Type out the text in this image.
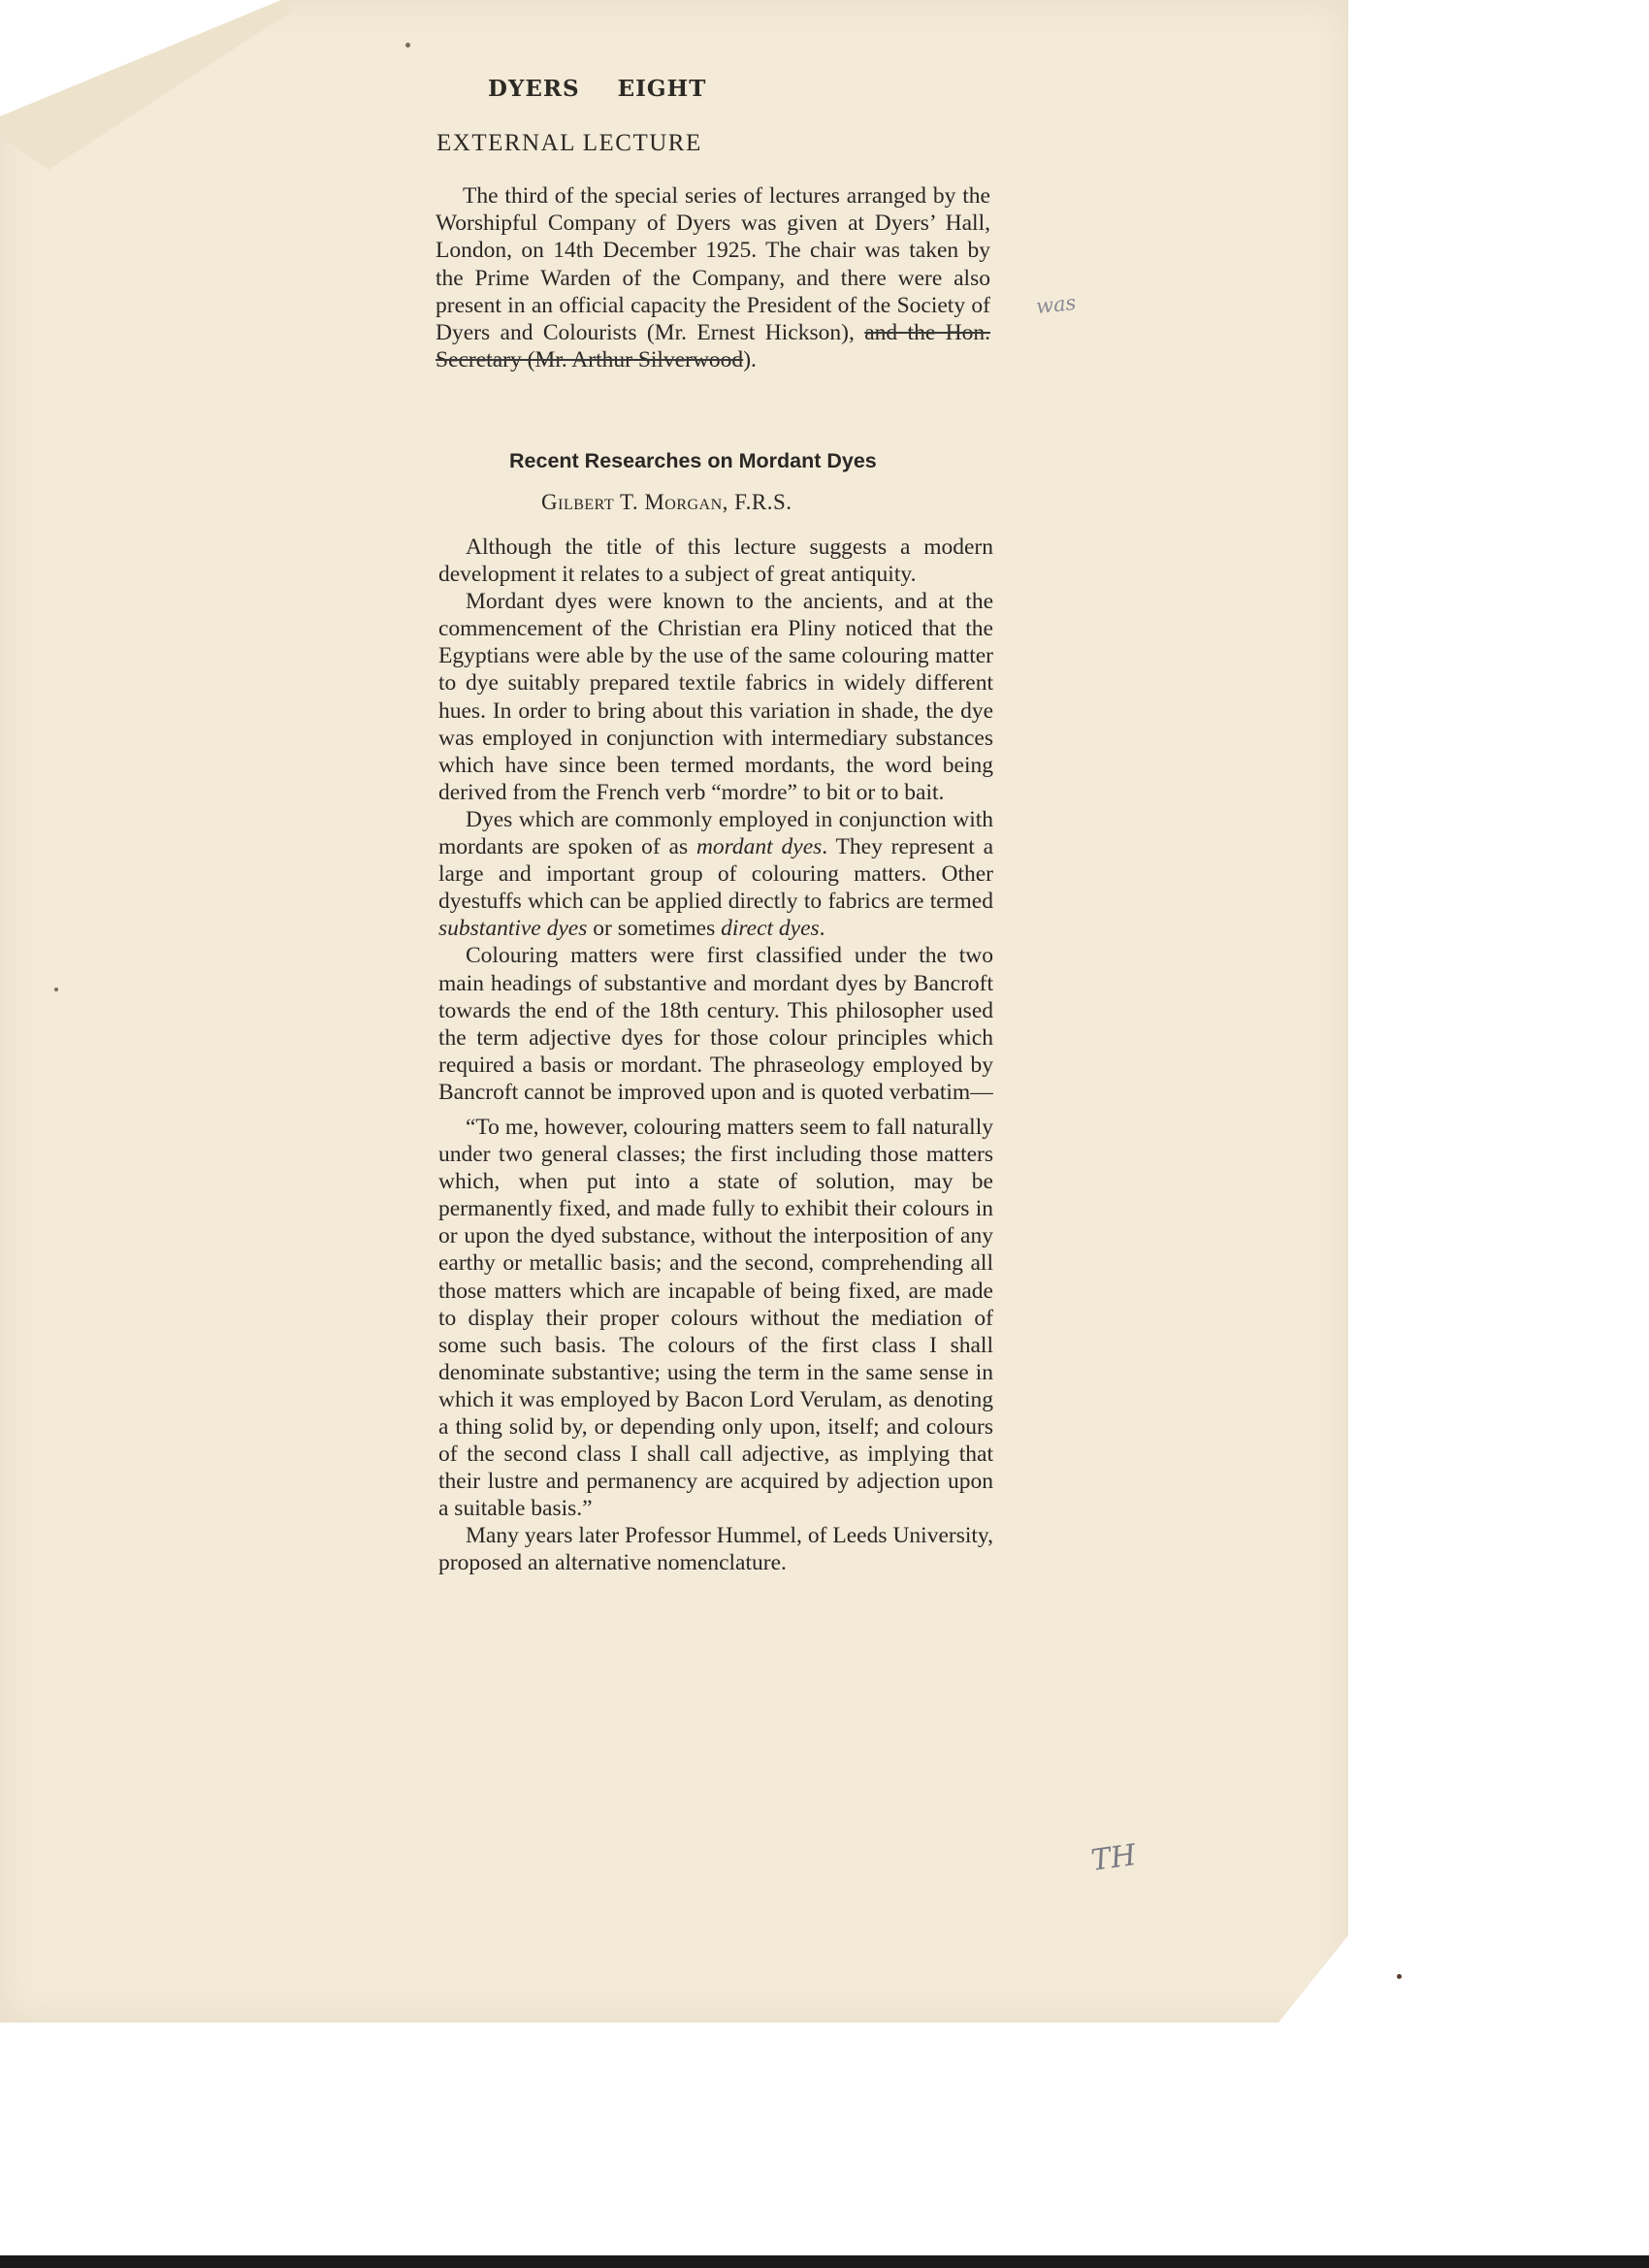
DYERS EIGHT
EXTERNAL LECTURE
The third of the special series of lectures arranged by the Worshipful Company of Dyers was given at Dyers’ Hall, London, on 14th December 1925. The chair was taken by the Prime Warden of the Company, and there were also present in an official capacity the President of the Society of Dyers and Colourists (Mr. Ernest Hickson), and the Hon. Secretary (Mr. Arthur Silverwood).
Recent Researches on Mordant Dyes
Gilbert T. Morgan, F.R.S.

Although the title of this lecture suggests a modern development it relates to a subject of great antiquity.

Mordant dyes were known to the ancients, and at the commencement of the Christian era Pliny noticed that the Egyptians were able by the use of the same colouring matter to dye suitably prepared textile fabrics in widely different hues. In order to bring about this variation in shade, the dye was employed in conjunction with intermediary substances which have since been termed mordants, the word being derived from the French verb “mordre” to bit or to bait.

Dyes which are commonly employed in conjunction with mordants are spoken of as mordant dyes. They represent a large and important group of colouring matters. Other dyestuffs which can be applied directly to fabrics are termed substantive dyes or sometimes direct dyes.

Colouring matters were first classified under the two main headings of substantive and mordant dyes by Bancroft towards the end of the 18th century. This philosopher used the term adjective dyes for those colour principles which required a basis or mordant. The phraseology employed by Bancroft cannot be improved upon and is quoted verbatim—

“To me, however, colouring matters seem to fall naturally under two general classes; the first including those matters which, when put into a state of solution, may be permanently fixed, and made fully to exhibit their colours in or upon the dyed substance, without the interposition of any earthy or metallic basis; and the second, comprehending all those matters which are incapable of being fixed, are made to display their proper colours without the mediation of some such basis. The colours of the first class I shall denominate substantive; using the term in the same sense in which it was employed by Bacon Lord Verulam, as denoting a thing solid by, or depending only upon, itself; and colours of the second class I shall call adjective, as implying that their lustre and permanency are acquired by adjection upon a suitable basis.”

Many years later Professor Hummel, of Leeds University, proposed an alternative nomenclature.

was
TH
